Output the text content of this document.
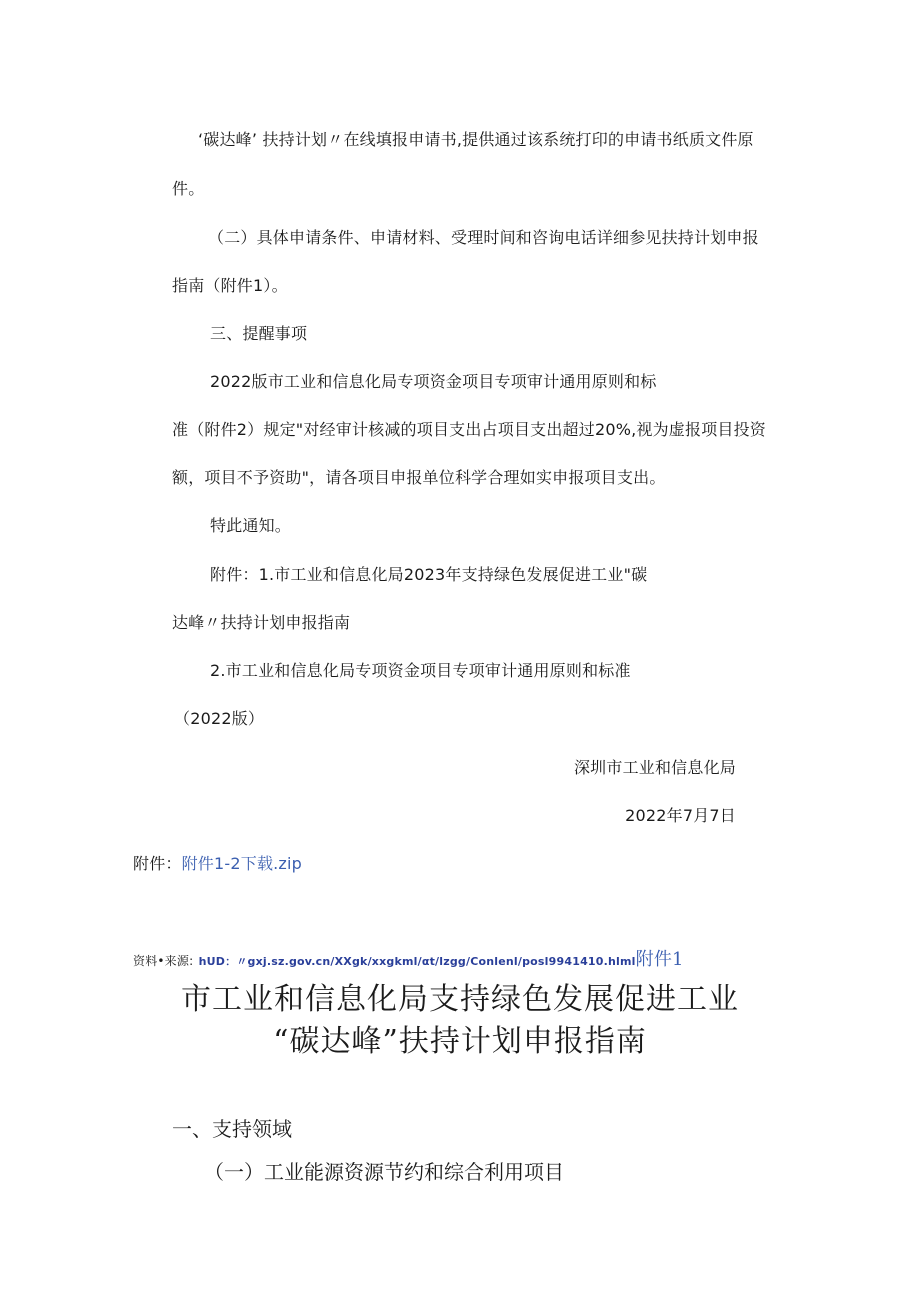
‘碳达峰’ 扶持计划〃在线填报申请书,提供通过该系统打印的申请书纸质文件原
件。
（二）具体申请条件、申请材料、受理时间和咨询电话详细参见扶持计划申报
指南（附件1）。
三、提醒事项
2022版市工业和信息化局专项资金项目专项审计通用原则和标
准（附件2）规定"对经审计核减的项目支出占项目支出超过20%,视为虚报项目投资
额，项目不予资助"，请各项目申报单位科学合理如实申报项目支出。
特此通知。
附件：1.市工业和信息化局2023年支持绿色发展促进工业"碳
达峰〃扶持计划申报指南
2.市工业和信息化局专项资金项目专项审计通用原则和标准
（2022版）
深圳市工业和信息化局
2022年7月7日
附件：附件1-2下载.zip
资料•来源: hUD：〃gxj.sz.gov.cn/XXgk/xxgkml/αt/lzgg/Conlenl/posl9941410.hlml附件1
市工业和信息化局支持绿色发展促进工业
“碳达峰”扶持计划申报指南
一、支持领域
（一）工业能源资源节约和综合利用项目
